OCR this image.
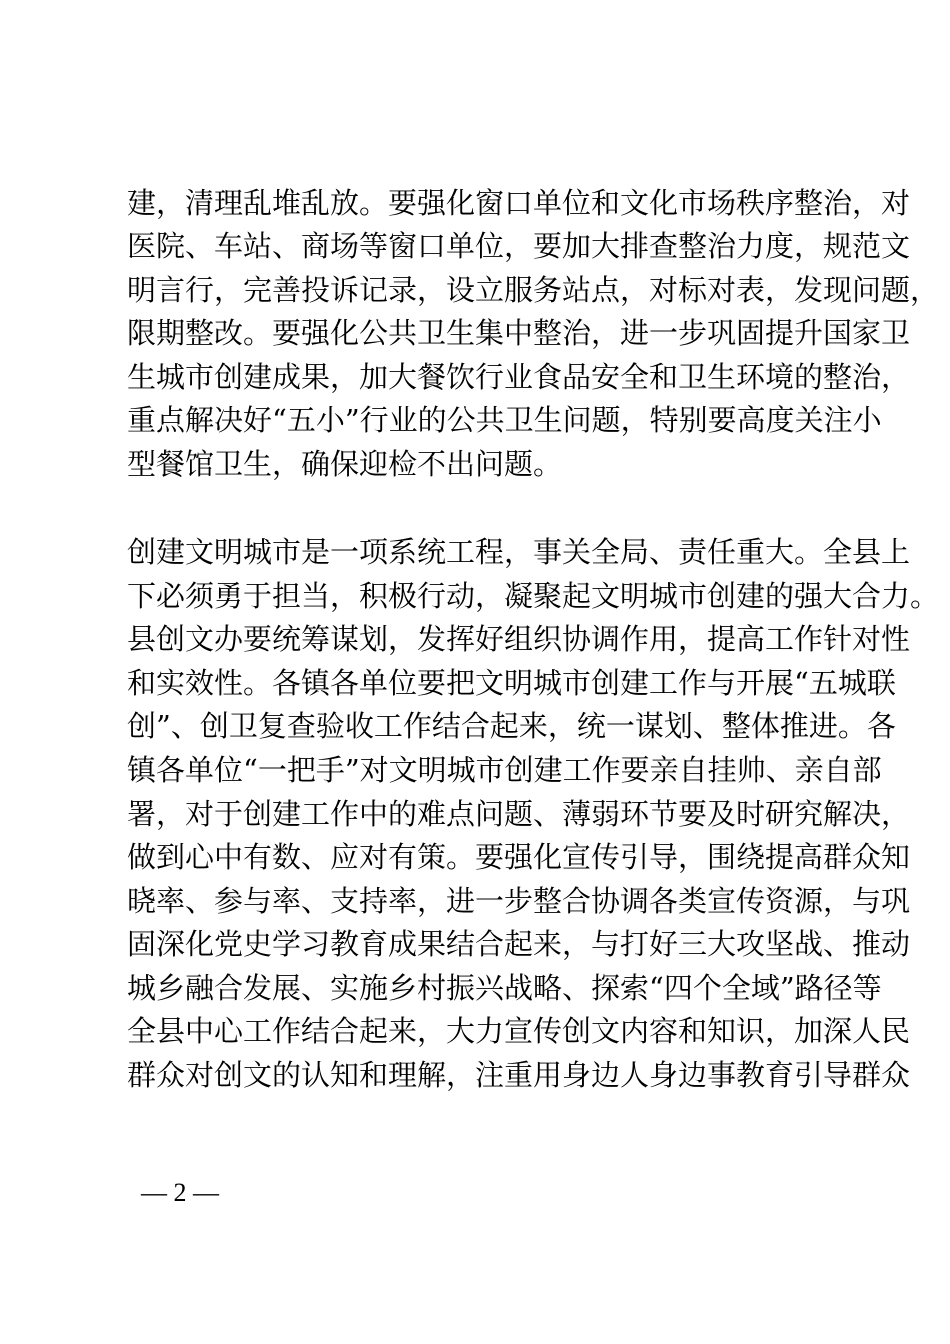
建，清理乱堆乱放。要强化窗口单位和文化市场秩序整治，对
医院、车站、商场等窗口单位，要加大排查整治力度，规范文
明言行，完善投诉记录，设立服务站点，对标对表，发现问题，
限期整改。要强化公共卫生集中整治，进一步巩固提升国家卫
生城市创建成果，加大餐饮行业食品安全和卫生环境的整治，
重点解决好“五小”行业的公共卫生问题，特别要高度关注小
型餐馆卫生，确保迎检不出问题。
创建文明城市是一项系统工程，事关全局、责任重大。全县上
下必须勇于担当，积极行动，凝聚起文明城市创建的强大合力。
县创文办要统筹谋划，发挥好组织协调作用，提高工作针对性
和实效性。各镇各单位要把文明城市创建工作与开展“五城联
创”、创卫复查验收工作结合起来，统一谋划、整体推进。各
镇各单位“一把手”对文明城市创建工作要亲自挂帅、亲自部
署，对于创建工作中的难点问题、薄弱环节要及时研究解决，
做到心中有数、应对有策。要强化宣传引导，围绕提高群众知
晓率、参与率、支持率，进一步整合协调各类宣传资源，与巩
固深化党史学习教育成果结合起来，与打好三大攻坚战、推动
城乡融合发展、实施乡村振兴战略、探索“四个全域”路径等
全县中心工作结合起来，大力宣传创文内容和知识，加深人民
群众对创文的认知和理解，注重用身边人身边事教育引导群众
— 2 —
